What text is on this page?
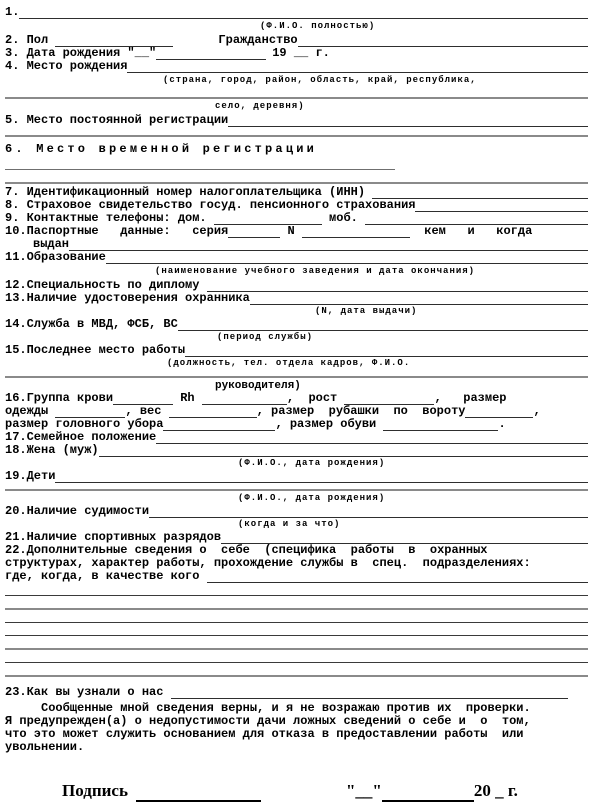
1.
(Ф.И.О. полностью)
2. Пол	Гражданство
3. Дата рождения "__"	19 __ г.
4. Место рождения
(страна, город, район, область, край, республика,
село, деревня)
5. Место постоянной регистрации
6. Место временной регистрации
7. Идентификационный номер налогоплательщика (ИНН)
8. Страховое свидетельство госуд. пенсионного страхования
9. Контактные телефоны: дом.	моб.
10.Паспортные   данные:   серия	N	кем   и   когда
выдан
11.Образование
(наименование учебного заведения и дата окончания)
12.Специальность по диплому
13.Наличие удостоверения охранника
(N, дата выдачи)
14.Служба в МВД, ФСБ, ВС
(период службы)
15.Последнее место работы
(должность, тел. отдела кадров, Ф.И.О.
руководителя)
16.Группа крови	Rh	,  рост	,   размер
одежды	, вес	, размер  рубашки  по  вороту	,
размер головного убора	, размер обуви	.
17.Семейное положение
18.Жена (муж)
(Ф.И.О., дата рождения)
19.Дети
(Ф.И.О., дата рождения)
20.Наличие судимости
(когда и за что)
21.Наличие спортивных разрядов
22.Дополнительные сведения о  себе  (специфика  работы  в  охранных
структурах, характер работы, прохождение службы в  спец.  подразделениях:
где, когда, в качестве кого
23.Как вы узнали о нас
Сообщенные мной сведения верны, и я не возражаю против их  проверки.
Я предупрежден(а) о недопустимости дачи ложных сведений о себе и  о  том,
что это может служить основанием для отказа в предоставлении работы  или
увольнении.
Подпись	"__"	20 _ г.
